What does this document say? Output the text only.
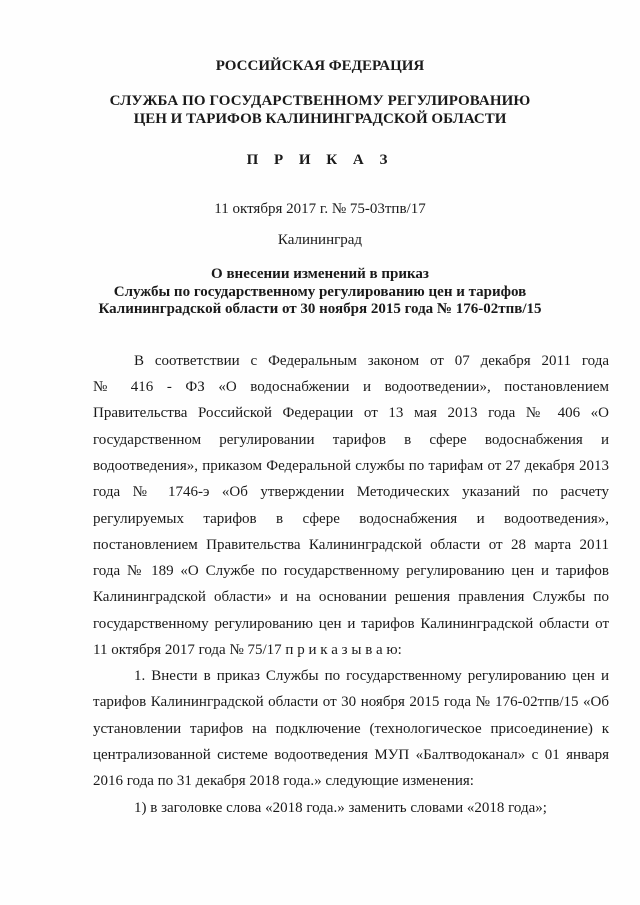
РОССИЙСКАЯ ФЕДЕРАЦИЯ
СЛУЖБА ПО ГОСУДАРСТВЕННОМУ РЕГУЛИРОВАНИЮ
ЦЕН И ТАРИФОВ КАЛИНИНГРАДСКОЙ ОБЛАСТИ
П Р И К А З
11 октября 2017 г. № 75-03тпв/17
Калининград
О внесении изменений в приказ
Службы по государственному регулированию цен и тарифов
Калининградской области от 30 ноября 2015 года № 176-02тпв/15
В соответствии с Федеральным законом от 07 декабря 2011 года
№ 416 - ФЗ «О водоснабжении и водоотведении», постановлением
Правительства Российской Федерации от 13 мая 2013 года № 406 «О
государственном регулировании тарифов в сфере водоснабжения и
водоотведения», приказом Федеральной службы по тарифам от 27 декабря 2013
года № 1746-э «Об утверждении Методических указаний по расчету
регулируемых тарифов в сфере водоснабжения и водоотведения»,
постановлением Правительства Калининградской области от 28 марта 2011
года № 189 «О Службе по государственному регулированию цен и тарифов
Калининградской области» и на основании решения правления Службы по
государственному регулированию цен и тарифов Калининградской области от
11 октября 2017 года № 75/17 п р и к а з ы в а ю:
1. Внести в приказ Службы по государственному регулированию цен и
тарифов Калининградской области от 30 ноября 2015 года № 176-02тпв/15 «Об
установлении тарифов на подключение (технологическое присоединение) к
централизованной системе водоотведения МУП «Балтводоканал» с 01 января
2016 года по 31 декабря 2018 года.» следующие изменения:
1) в заголовке слова «2018 года.» заменить словами «2018 года»;
